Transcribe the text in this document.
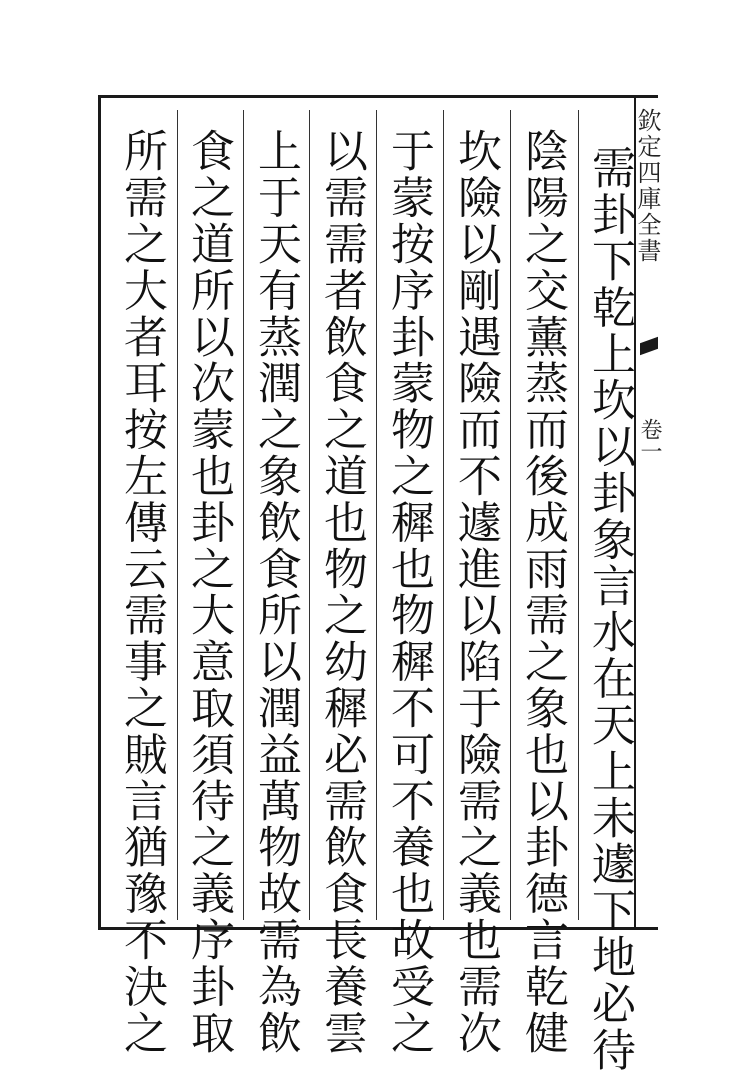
欽定四庫全書
卷一
需卦下乾上坎以卦象言水在天上未遽下地必待
陰陽之交薰蒸而後成雨需之象也以卦德言乾健
坎險以剛遇險而不遽進以陷于險需之義也需次
于蒙按序卦蒙物之穉也物穉不可不養也故受之
以需需者飲食之道也物之幼穉必需飲食長養雲
上于天有蒸潤之象飲食所以潤益萬物故需為飲
食之道所以次蒙也卦之大意取須待之義序卦取
所需之大者耳按左傳云需事之賊言猶豫不決之
